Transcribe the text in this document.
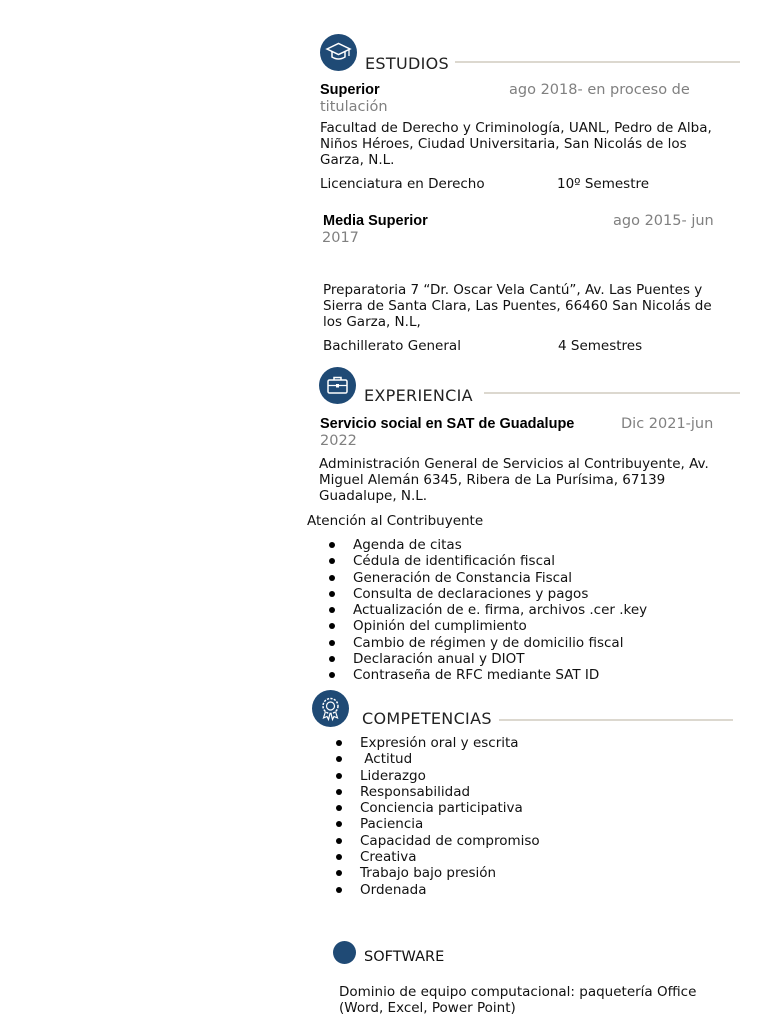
ESTUDIOS
Superior	ago 2018- en proceso de
titulación
Facultad de Derecho y Criminología, UANL, Pedro de Alba,
Niños Héroes, Ciudad Universitaria, San Nicolás de los
Garza, N.L.
Licenciatura en Derecho	10º Semestre
Media Superior	ago 2015- jun
2017
Preparatoria 7 “Dr. Oscar Vela Cantú”, Av. Las Puentes y
Sierra de Santa Clara, Las Puentes, 66460 San Nicolás de
los Garza, N.L,
Bachillerato General	4 Semestres
EXPERIENCIA
Servicio social en SAT de Guadalupe	Dic 2021-jun
2022
Administración General de Servicios al Contribuyente, Av.
Miguel Alemán 6345, Ribera de La Purísima, 67139
Guadalupe, N.L.
Atención al Contribuyente
Agenda de citas
Cédula de identificación fiscal
Generación de Constancia Fiscal
Consulta de declaraciones y pagos
Actualización de e. firma, archivos .cer .key
Opinión del cumplimiento
Cambio de régimen y de domicilio fiscal
Declaración anual y DIOT
Contraseña de RFC mediante SAT ID
COMPETENCIAS
Expresión oral y escrita
Actitud
Liderazgo
Responsabilidad
Conciencia participativa
Paciencia
Capacidad de compromiso
Creativa
Trabajo bajo presión
Ordenada
SOFTWARE
Dominio de equipo computacional: paquetería Office
(Word, Excel, Power Point)
